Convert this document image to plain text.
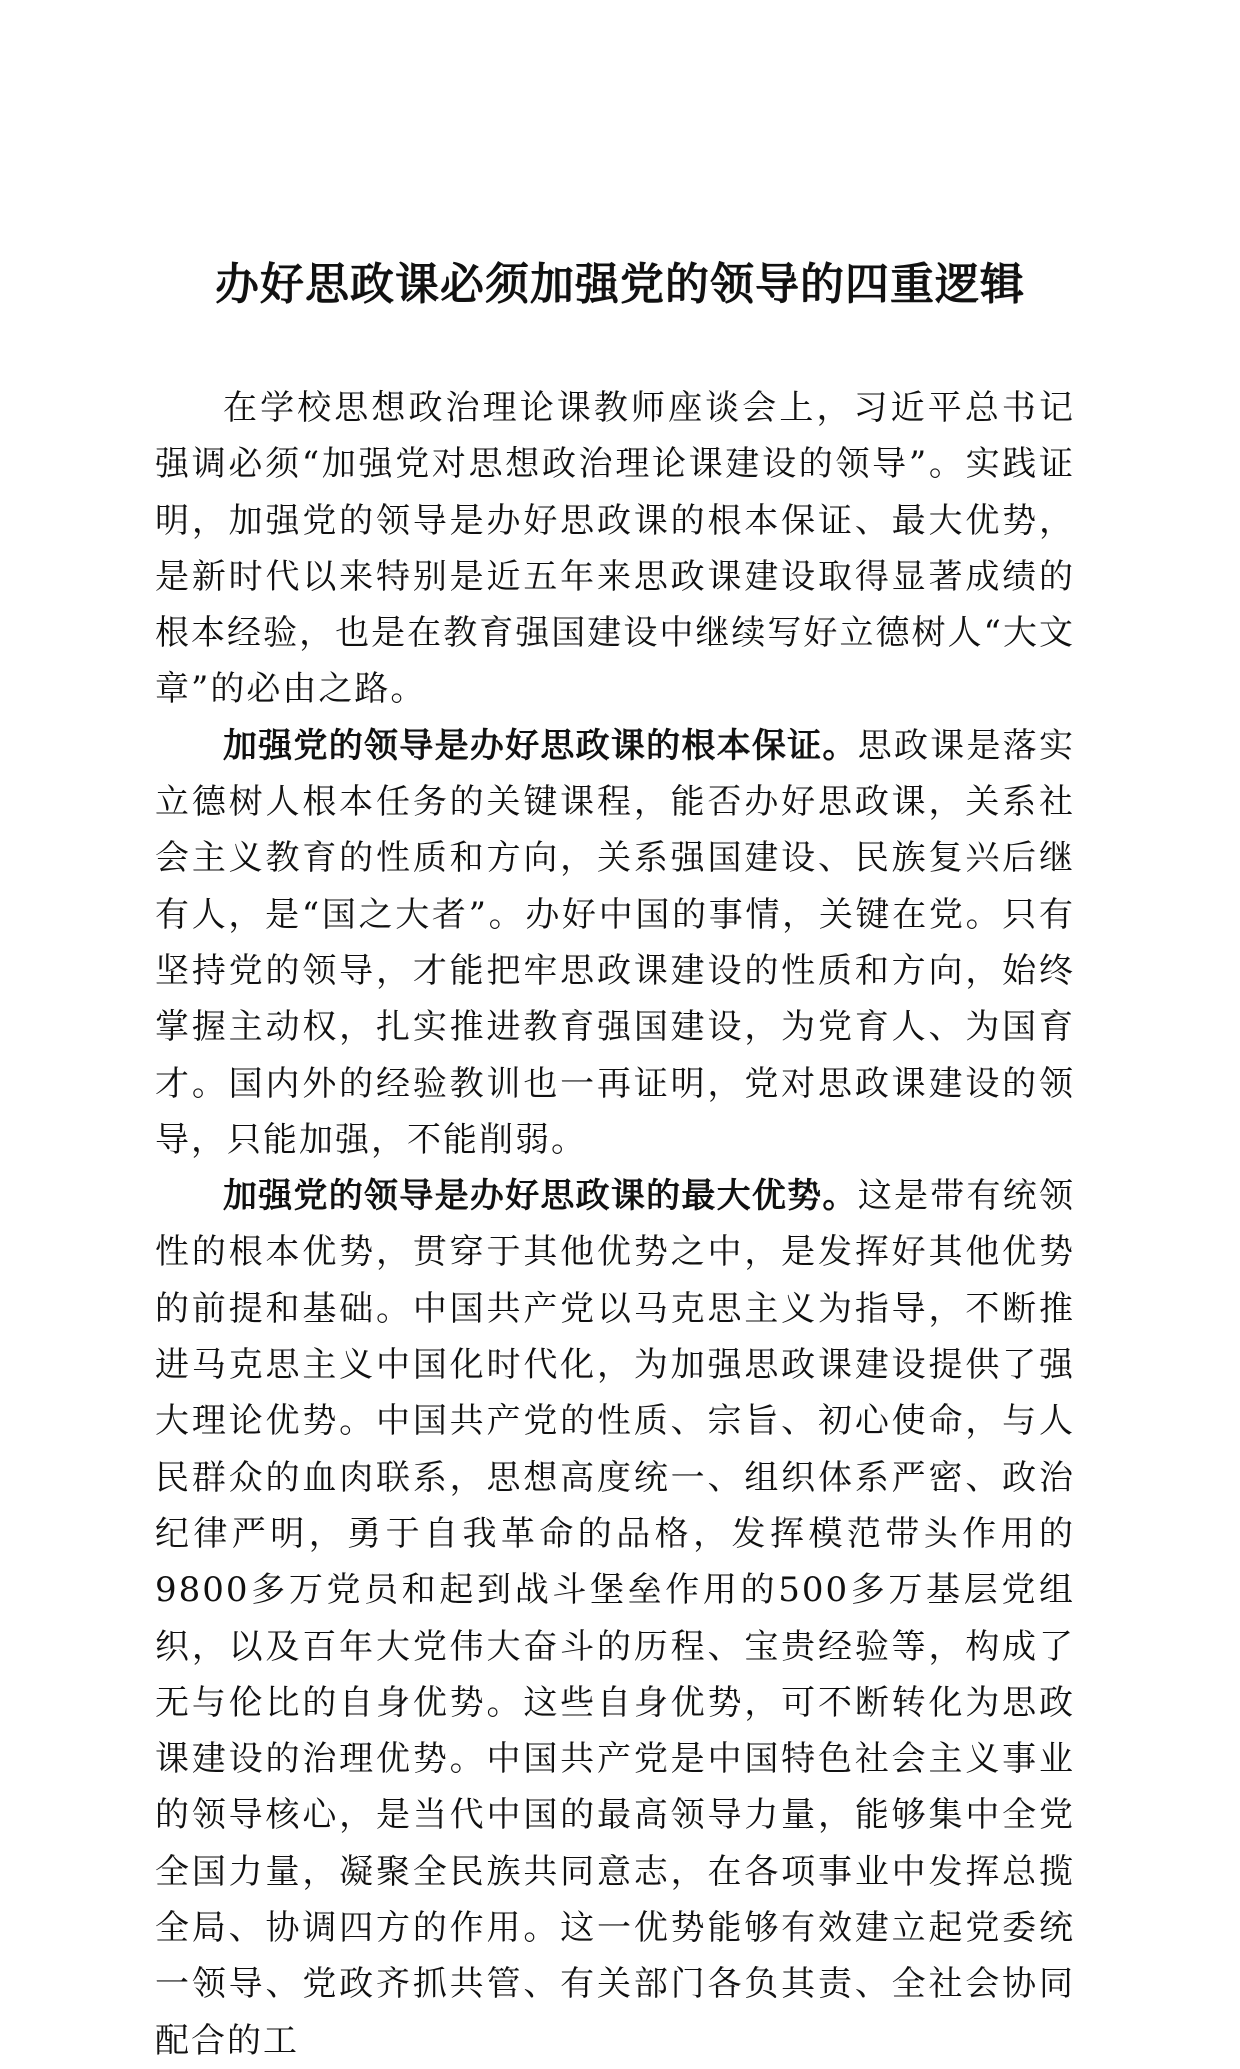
办好思政课必须加强党的领导的四重逻辑

在学校思想政治理论课教师座谈会上，习近平总书记强调必须“加强党对思想政治理论课建设的领导”。实践证明，加强党的领导是办好思政课的根本保证、最大优势，是新时代以来特别是近五年来思政课建设取得显著成绩的根本经验，也是在教育强国建设中继续写好立德树人“大文章”的必由之路。

加强党的领导是办好思政课的根本保证。思政课是落实立德树人根本任务的关键课程，能否办好思政课，关系社会主义教育的性质和方向，关系强国建设、民族复兴后继有人，是“国之大者”。办好中国的事情，关键在党。只有坚持党的领导，才能把牢思政课建设的性质和方向，始终掌握主动权，扎实推进教育强国建设，为党育人、为国育才。国内外的经验教训也一再证明，党对思政课建设的领导，只能加强，不能削弱。

加强党的领导是办好思政课的最大优势。这是带有统领性的根本优势，贯穿于其他优势之中，是发挥好其他优势的前提和基础。中国共产党以马克思主义为指导，不断推进马克思主义中国化时代化，为加强思政课建设提供了强大理论优势。中国共产党的性质、宗旨、初心使命，与人民群众的血肉联系，思想高度统一、组织体系严密、政治纪律严明，勇于自我革命的品格，发挥模范带头作用的9800多万党员和起到战斗堡垒作用的500多万基层党组织，以及百年大党伟大奋斗的历程、宝贵经验等，构成了无与伦比的自身优势。这些自身优势，可不断转化为思政课建设的治理优势。中国共产党是中国特色社会主义事业的领导核心，是当代中国的最高领导力量，能够集中全党全国力量，凝聚全民族共同意志，在各项事业中发挥总揽全局、协调四方的作用。这一优势能够有效建立起党委统一领导、党政齐抓共管、有关部门各负其责、全社会协同配合的工
